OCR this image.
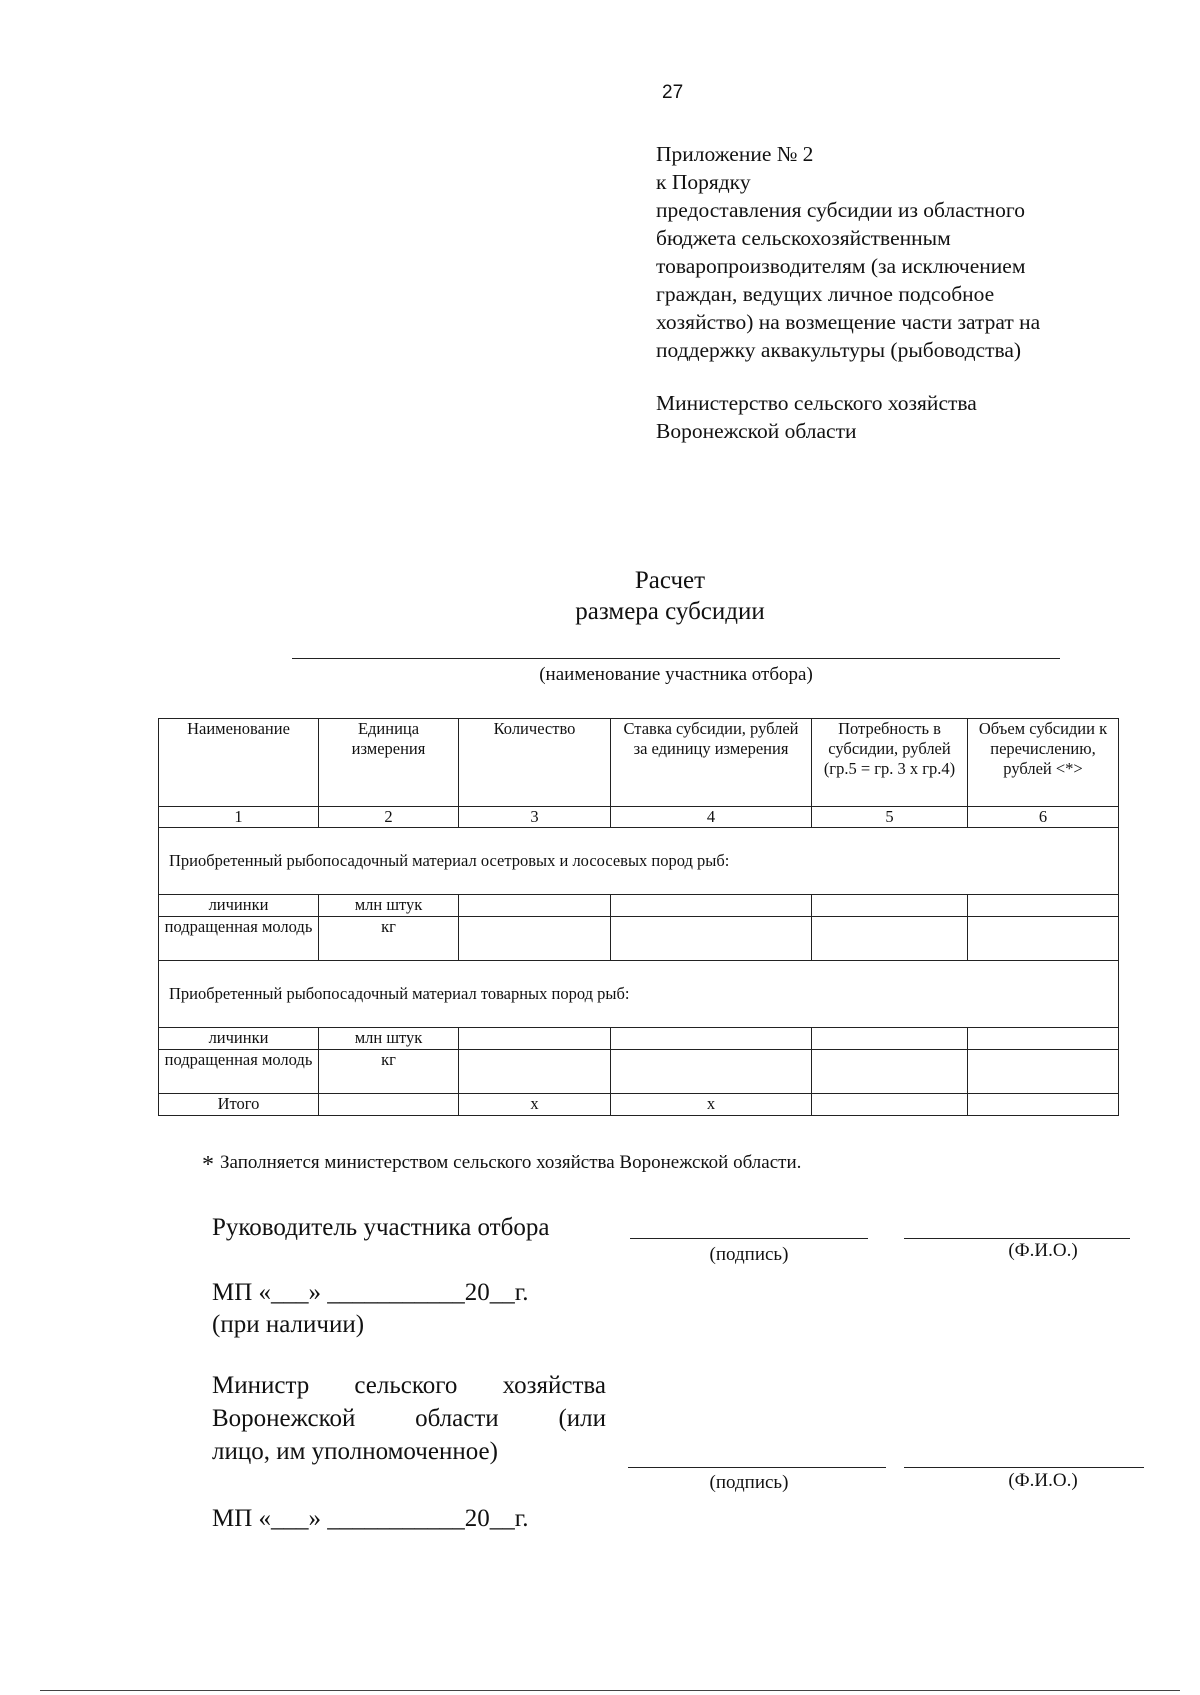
27
Приложение № 2
к Порядку
предоставления субсидии из областного
бюджета сельскохозяйственным
товаропроизводителям (за исключением
граждан, ведущих личное подсобное
хозяйство) на возмещение части затрат на
поддержку аквакультуры (рыбоводства)
Министерство сельского хозяйства
Воронежской области
Расчет
размера субсидии
(наименование участника отбора)
Наименование	Единица измерения	Количество	Ставка субсидии, рублей за единицу измерения	Потребность в субсидии, рублей (гр.5 = гр. 3 х гр.4)	Объем субсидии к перечислению, рублей <*>
1	2	3	4	5	6
Приобретенный рыбопосадочный материал осетровых и лососевых пород рыб:					
личинки	млн штук				
подращенная молодь	кг				
Приобретенный рыбопосадочный материал товарных пород рыб:					
личинки	млн штук				
подращенная молодь	кг				
Итого		х	х		
* Заполняется министерством сельского хозяйства Воронежской области.
Руководитель участника отбора
(подпись)	(Ф.И.О.)
МП «___» ___________20__г.
(при наличии)
Министр сельского хозяйства
Воронежской области (или
лицо, им уполномоченное)
(подпись)	(Ф.И.О.)
МП «___» ___________20__г.
